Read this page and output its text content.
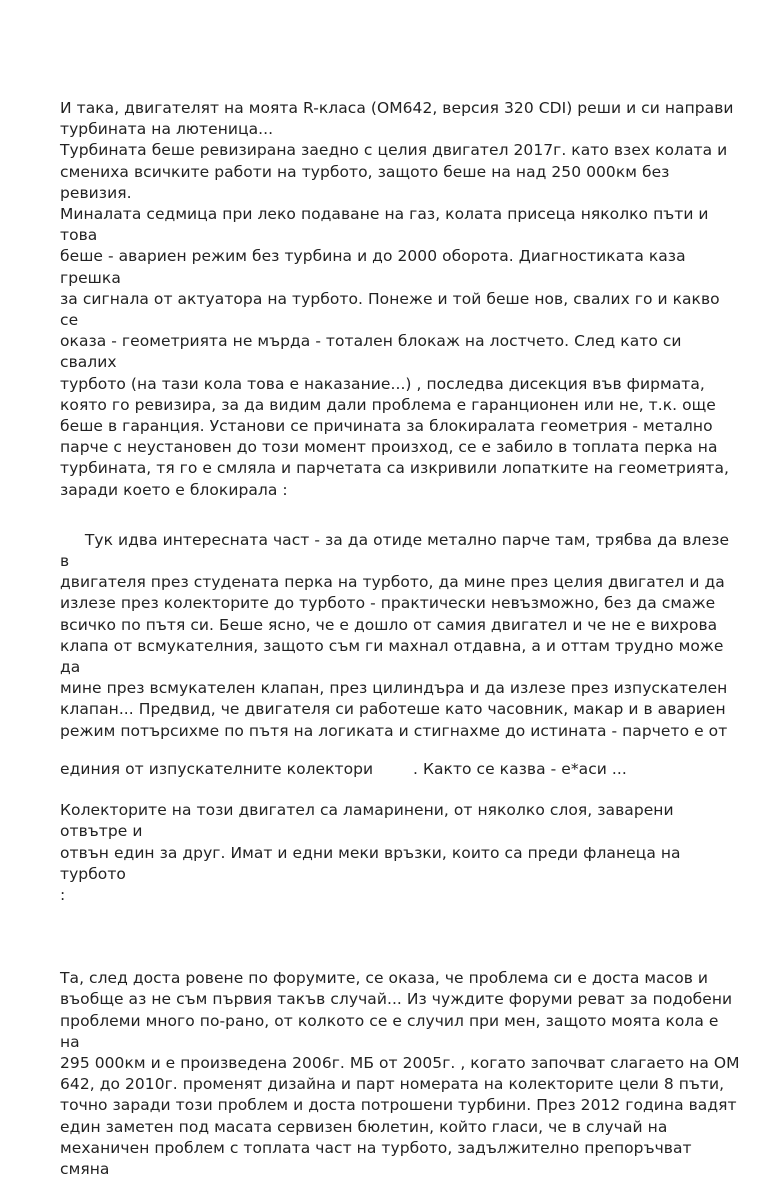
И така, двигателят на моята R-класа (OM642, версия 320 CDI) реши и си направи
турбината на лютеница...
Турбината беше ревизирана заедно с целия двигател 2017г. като взех колата и
смениха всичките работи на турбото, защото беше на над 250 000км без ревизия.
Миналата седмица при леко подаване на газ, колата присеца няколко пъти и това
беше - авариен режим без турбина и до 2000 оборота. Диагностиката каза грешка
за сигнала от актуатора на турбото. Понеже и той беше нов, свалих го и какво се
оказа - геометрията не мърда - тотален блокаж на лостчето. След като си свалих
турбото (на тази кола това е наказание...) , последва дисекция във фирмата,
която го ревизира, за да видим дали проблема е гаранционен или не, т.к. още
беше в гаранция. Установи се причината за блокиралата геометрия - метално
парче с неустановен до този момент произход, се е забило в топлата перка на
турбината, тя го е смляла и парчетата са изкривили лопатките на геометрията,
заради което е блокирала :

Тук идва интересната част - за да отиде метално парче там, трябва да влезе в
двигателя през студената перка на турбото, да мине през целия двигател и да
излезе през колекторите до турбото - практически невъзможно, без да смаже
всичко по пътя си. Беше ясно, че е дошло от самия двигател и че не е вихрова
клапа от всмукателния, защото съм ги махнал отдавна, а и оттам трудно може да
мине през всмукателен клапан, през цилиндъра и да излезе през изпускателен
клапан... Предвид, че двигателя си работеше като часовник, макар и в авариен
режим потърсихме по пътя на логиката и стигнахме до истината - парчето е от

единия от изпускателните колектори        . Както се казва - е*аси ...

Колекторите на този двигател са ламаринени, от няколко слоя, заварени отвътре и
отвън един за друг. Имат и едни меки връзки, които са преди фланеца на турбото
:

Та, след доста ровене по форумите, се оказа, че проблема си е доста масов и
въобще аз не съм първия такъв случай... Из чуждите форуми реват за подобени
проблеми много по-рано, от колкото се е случил при мен, защото моята кола е на
295 000км и е произведена 2006г. МБ от 2005г. , когато започват слагаето на ОМ
642, до 2010г. променят дизайна и парт номерата на колекторите цели 8 пъти,
точно заради този проблем и доста потрошени турбини. През 2012 година вадят
един заметен под масата сервизен бюлетин, който гласи, че в случай на
механичен проблем с топлата част на турбото, задължително препоръчват смяна
